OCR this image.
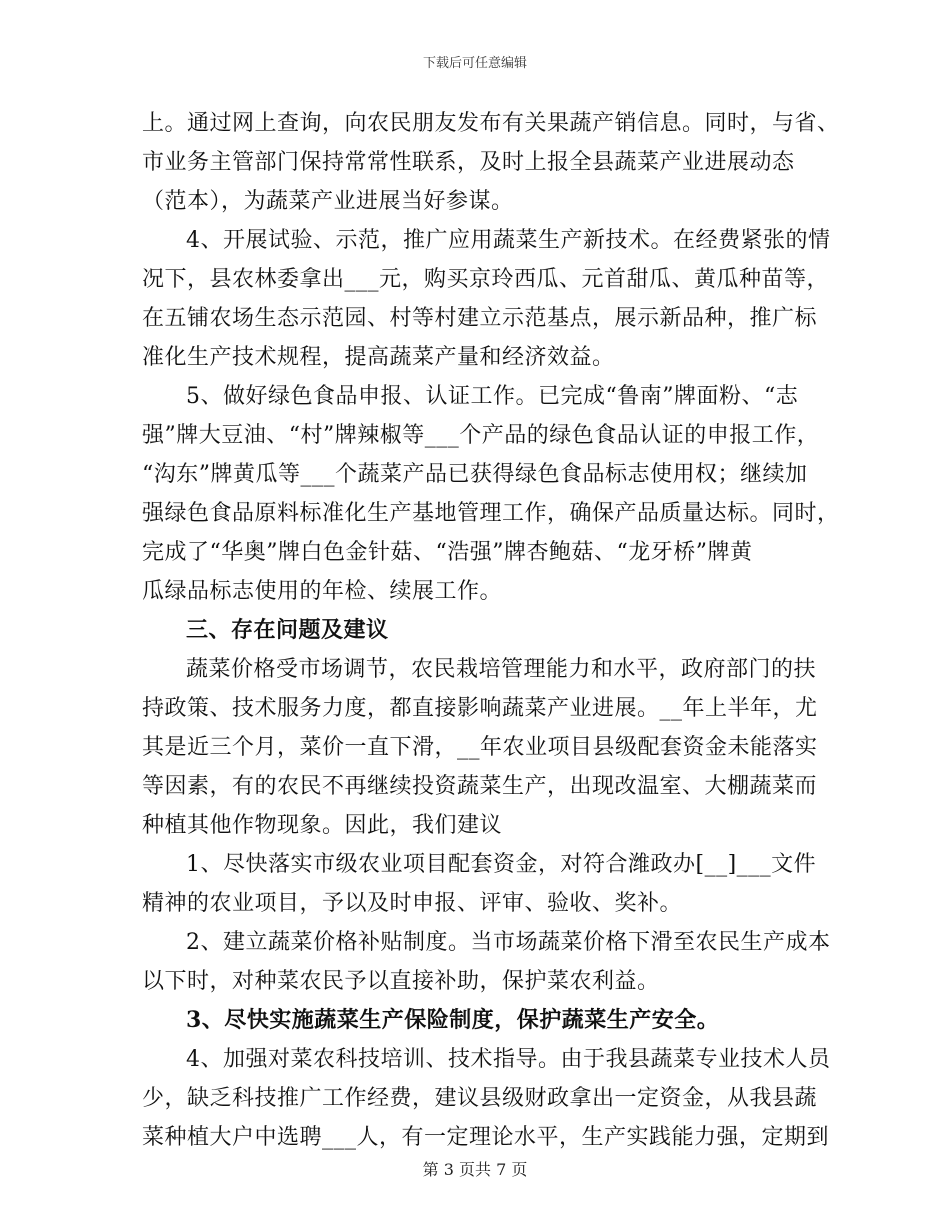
下载后可任意编辑
上。通过网上查询，向农民朋友发布有关果蔬产销信息。同时，与省、
市业务主管部门保持常常性联系，及时上报全县蔬菜产业进展动态
（范本），为蔬菜产业进展当好参谋。
4、开展试验、示范，推广应用蔬菜生产新技术。在经费紧张的情
况下，县农林委拿出___元，购买京玲西瓜、元首甜瓜、黄瓜种苗等，
在五铺农场生态示范园、村等村建立示范基点，展示新品种，推广标
准化生产技术规程，提高蔬菜产量和经济效益。
5、做好绿色食品申报、认证工作。已完成“鲁南”牌面粉、“志
强”牌大豆油、“村”牌辣椒等___个产品的绿色食品认证的申报工作，
“沟东”牌黄瓜等___个蔬菜产品已获得绿色食品标志使用权；继续加
强绿色食品原料标准化生产基地管理工作，确保产品质量达标。同时，
完成了“华奥”牌白色金针菇、“浩强”牌杏鲍菇、“龙牙桥”牌黄
瓜绿品标志使用的年检、续展工作。
三、存在问题及建议
蔬菜价格受市场调节，农民栽培管理能力和水平，政府部门的扶
持政策、技术服务力度，都直接影响蔬菜产业进展。__年上半年，尤
其是近三个月，菜价一直下滑，__年农业项目县级配套资金未能落实
等因素，有的农民不再继续投资蔬菜生产，出现改温室、大棚蔬菜而
种植其他作物现象。因此，我们建议
1、尽快落实市级农业项目配套资金，对符合潍政办[__]___文件
精神的农业项目，予以及时申报、评审、验收、奖补。
2、建立蔬菜价格补贴制度。当市场蔬菜价格下滑至农民生产成本
以下时，对种菜农民予以直接补助，保护菜农利益。
3、尽快实施蔬菜生产保险制度，保护蔬菜生产安全。
4、加强对菜农科技培训、技术指导。由于我县蔬菜专业技术人员
少，缺乏科技推广工作经费，建议县级财政拿出一定资金，从我县蔬
菜种植大户中选聘___人，有一定理论水平，生产实践能力强，定期到
第 3 页共 7 页
